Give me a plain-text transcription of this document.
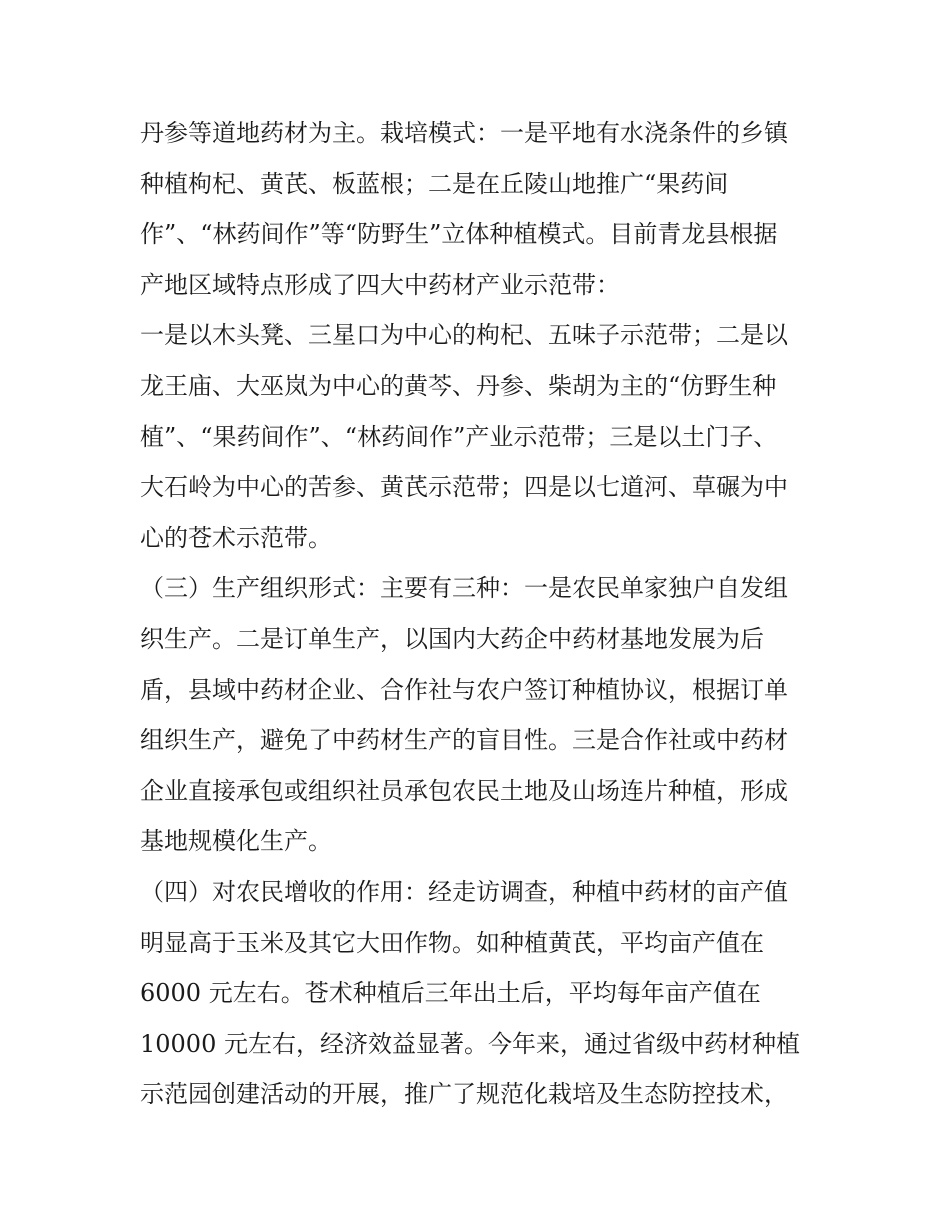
丹参等道地药材为主。栽培模式：一是平地有水浇条件的乡镇
种植枸杞、黄芪、板蓝根；二是在丘陵山地推广“果药间
作”、“林药间作”等“防野生”立体种植模式。目前青龙县根据
产地区域特点形成了四大中药材产业示范带：
一是以木头凳、三星口为中心的枸杞、五味子示范带；二是以
龙王庙、大巫岚为中心的黄芩、丹参、柴胡为主的“仿野生种
植”、“果药间作”、“林药间作”产业示范带；三是以土门子、
大石岭为中心的苦参、黄芪示范带；四是以七道河、草碾为中
心的苍术示范带。
（三）生产组织形式：主要有三种：一是农民单家独户自发组
织生产。二是订单生产，以国内大药企中药材基地发展为后
盾，县域中药材企业、合作社与农户签订种植协议，根据订单
组织生产，避免了中药材生产的盲目性。三是合作社或中药材
企业直接承包或组织社员承包农民土地及山场连片种植，形成
基地规模化生产。
（四）对农民增收的作用：经走访调查，种植中药材的亩产值
明显高于玉米及其它大田作物。如种植黄芪，平均亩产值在
6000 元左右。苍术种植后三年出土后，平均每年亩产值在
10000 元左右，经济效益显著。今年来，通过省级中药材种植
示范园创建活动的开展，推广了规范化栽培及生态防控技术，
